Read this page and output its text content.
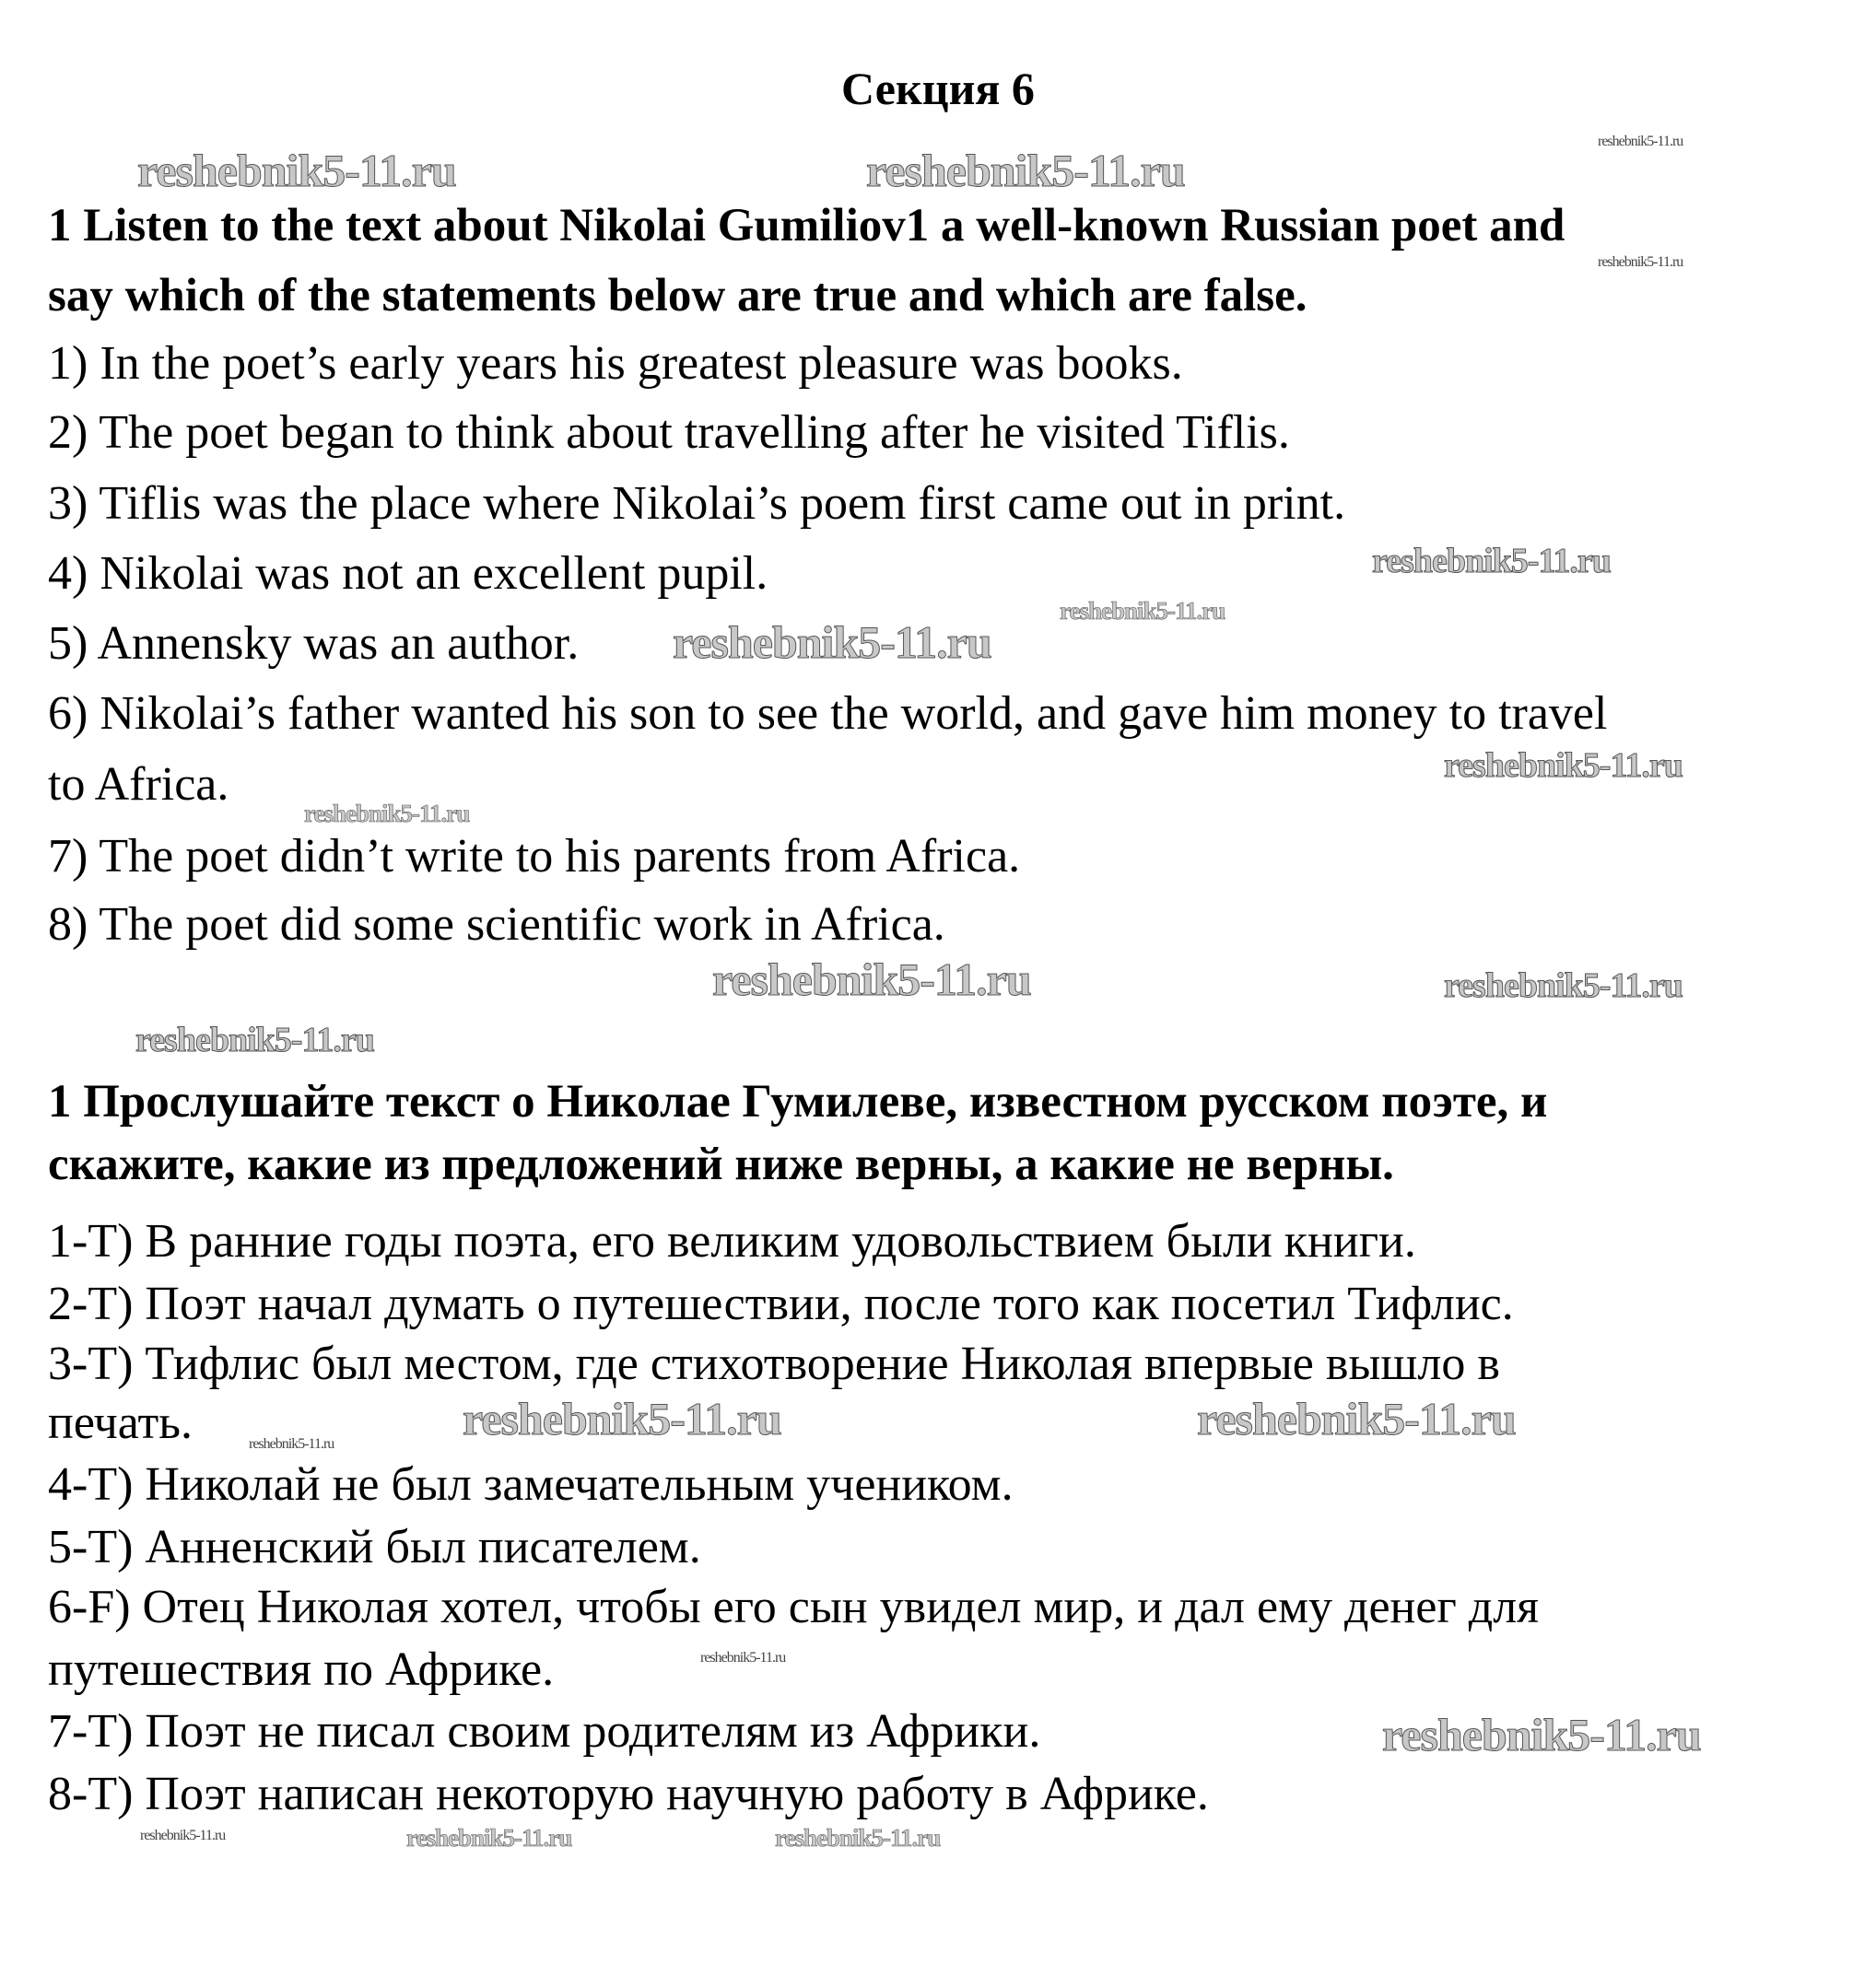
Секция 6
1 Listen to the text about Nikolai Gumiliov1 a well-known Russian poet and
say which of the statements below are true and which are false.
1) In the poet’s early years his greatest pleasure was books.
2) The poet began to think about travelling after he visited Tiflis.
3) Tiflis was the place where Nikolai’s poem first came out in print.
4) Nikolai was not an excellent pupil.
5) Annensky was an author.
6) Nikolai’s father wanted his son to see the world, and gave him money to travel
to Africa.
7) The poet didn’t write to his parents from Africa.
8) The poet did some scientific work in Africa.
1 Прослушайте текст о Николае Гумилеве, известном русском поэте, и
скажите, какие из предложений ниже верны, а какие не верны.
1-T) В ранние годы поэта, его великим удовольствием были книги.
2-T) Поэт начал думать о путешествии, после того как посетил Тифлис.
3-T) Тифлис был местом, где стихотворение Николая впервые вышло в
печать.
4-T) Николай не был замечательным учеником.
5-T) Анненский был писателем.
6-F) Отец Николая хотел, чтобы его сын увидел мир, и дал ему денег для
путешествия по Африке.
7-T) Поэт не писал своим родителям из Африки.
8-T) Поэт написан некоторую научную работу в Африке.
reshebnik5-11.ru	reshebnik5-11.ru
reshebnik5-11.ru
reshebnik5-11.ru
reshebnik5-11.ru
reshebnik5-11.ru
reshebnik5-11.ru
reshebnik5-11.ru
reshebnik5-11.ru
reshebnik5-11.ru	reshebnik5-11.ru
reshebnik5-11.ru
reshebnik5-11.ru	reshebnik5-11.ru
reshebnik5-11.ru
reshebnik5-11.ru
reshebnik5-11.ru
reshebnik5-11.ru	reshebnik5-11.ru	reshebnik5-11.ru
